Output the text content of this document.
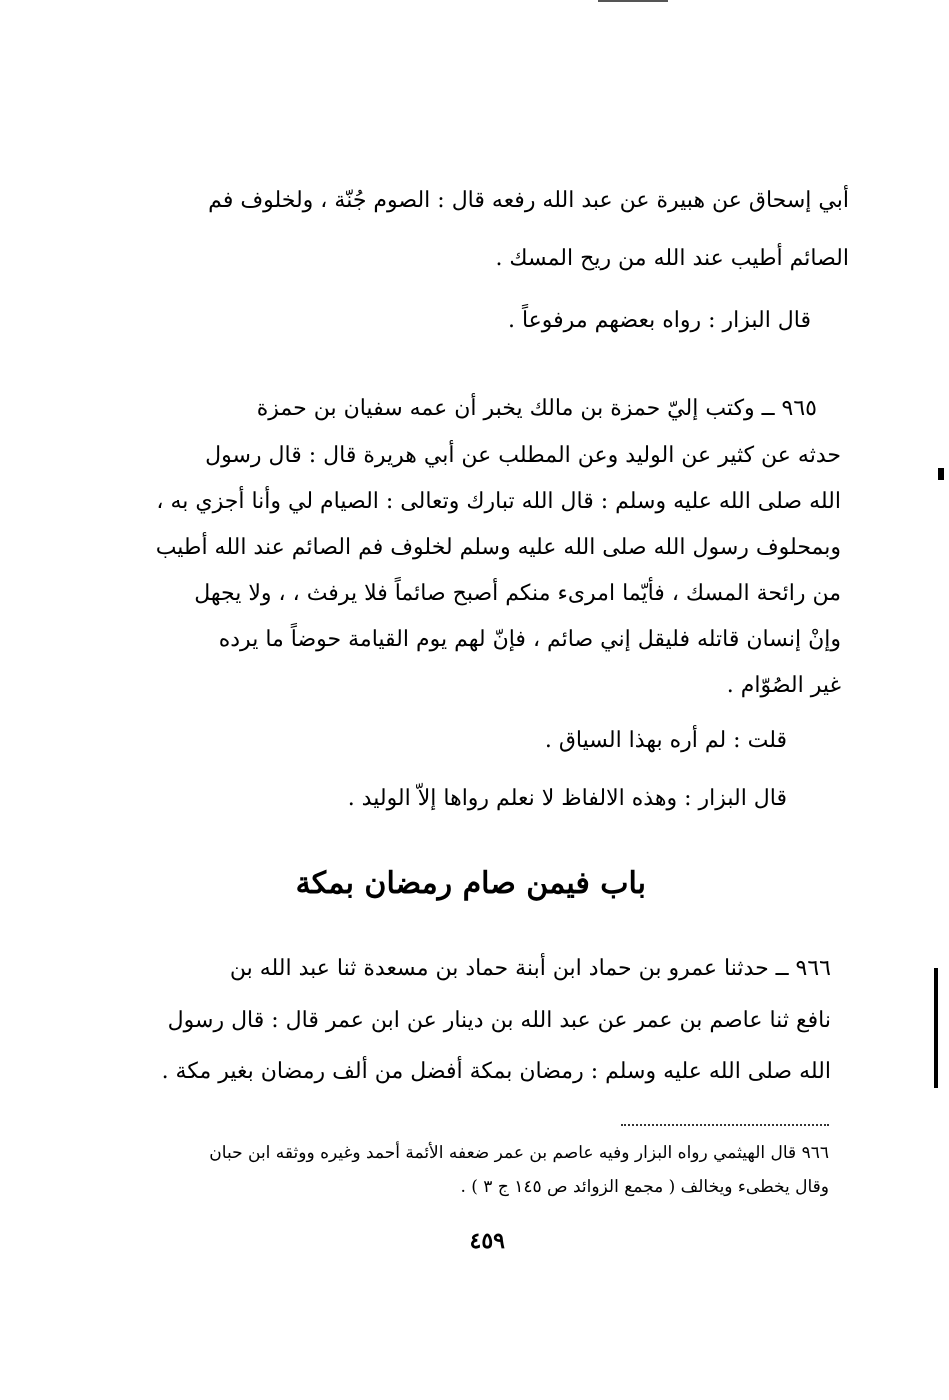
أبي إسحاق عن هبيرة عن عبد الله رفعه قال : الصوم جُنّة ، ولخلوف فم
الصائم أطيب عند الله من ريح المسك .
قال البزار : رواه بعضهم مرفوعاً .
٩٦٥ ــ وكتب إليّ حمزة بن مالك يخبر أن عمه سفيان بن حمزة
حدثه عن كثير عن الوليد وعن المطلب عن أبي هريرة قال : قال رسول
الله صلى الله عليه وسلم : قال الله تبارك وتعالى : الصيام لي وأنا أجزي به ،
وبمحلوف رسول الله صلى الله عليه وسلم لخلوف فم الصائم عند الله أطيب
من رائحة المسك ، فأيّما امرىء منكم أصبح صائماً فلا يرفث ، ، ولا يجهل
وإنْ إنسان قاتله فليقل إني صائم ، فإنّ لهم يوم القيامة حوضاً ما يرده
غير الصُوّام .
قلت : لم أره بهذا السياق .
قال البزار : وهذه الالفاظ لا نعلم رواها إلاّ الوليد .
باب فيمن صام رمضان بمكة
٩٦٦ ــ حدثنا عمرو بن حماد ابن أبنة حماد بن مسعدة ثنا عبد الله بن
نافع ثنا عاصم بن عمر عن عبد الله بن دينار عن ابن عمر قال : قال رسول
الله صلى الله عليه وسلم : رمضان بمكة أفضل من ألف رمضان بغير مكة .
٩٦٦ قال الهيثمي رواه البزار وفيه عاصم بن عمر ضعفه الأئمة أحمد وغيره ووثقه ابن حبان
وقال يخطىء ويخالف ( مجمع الزوائد ص ١٤٥ ج ٣ ) .
٤٥٩
